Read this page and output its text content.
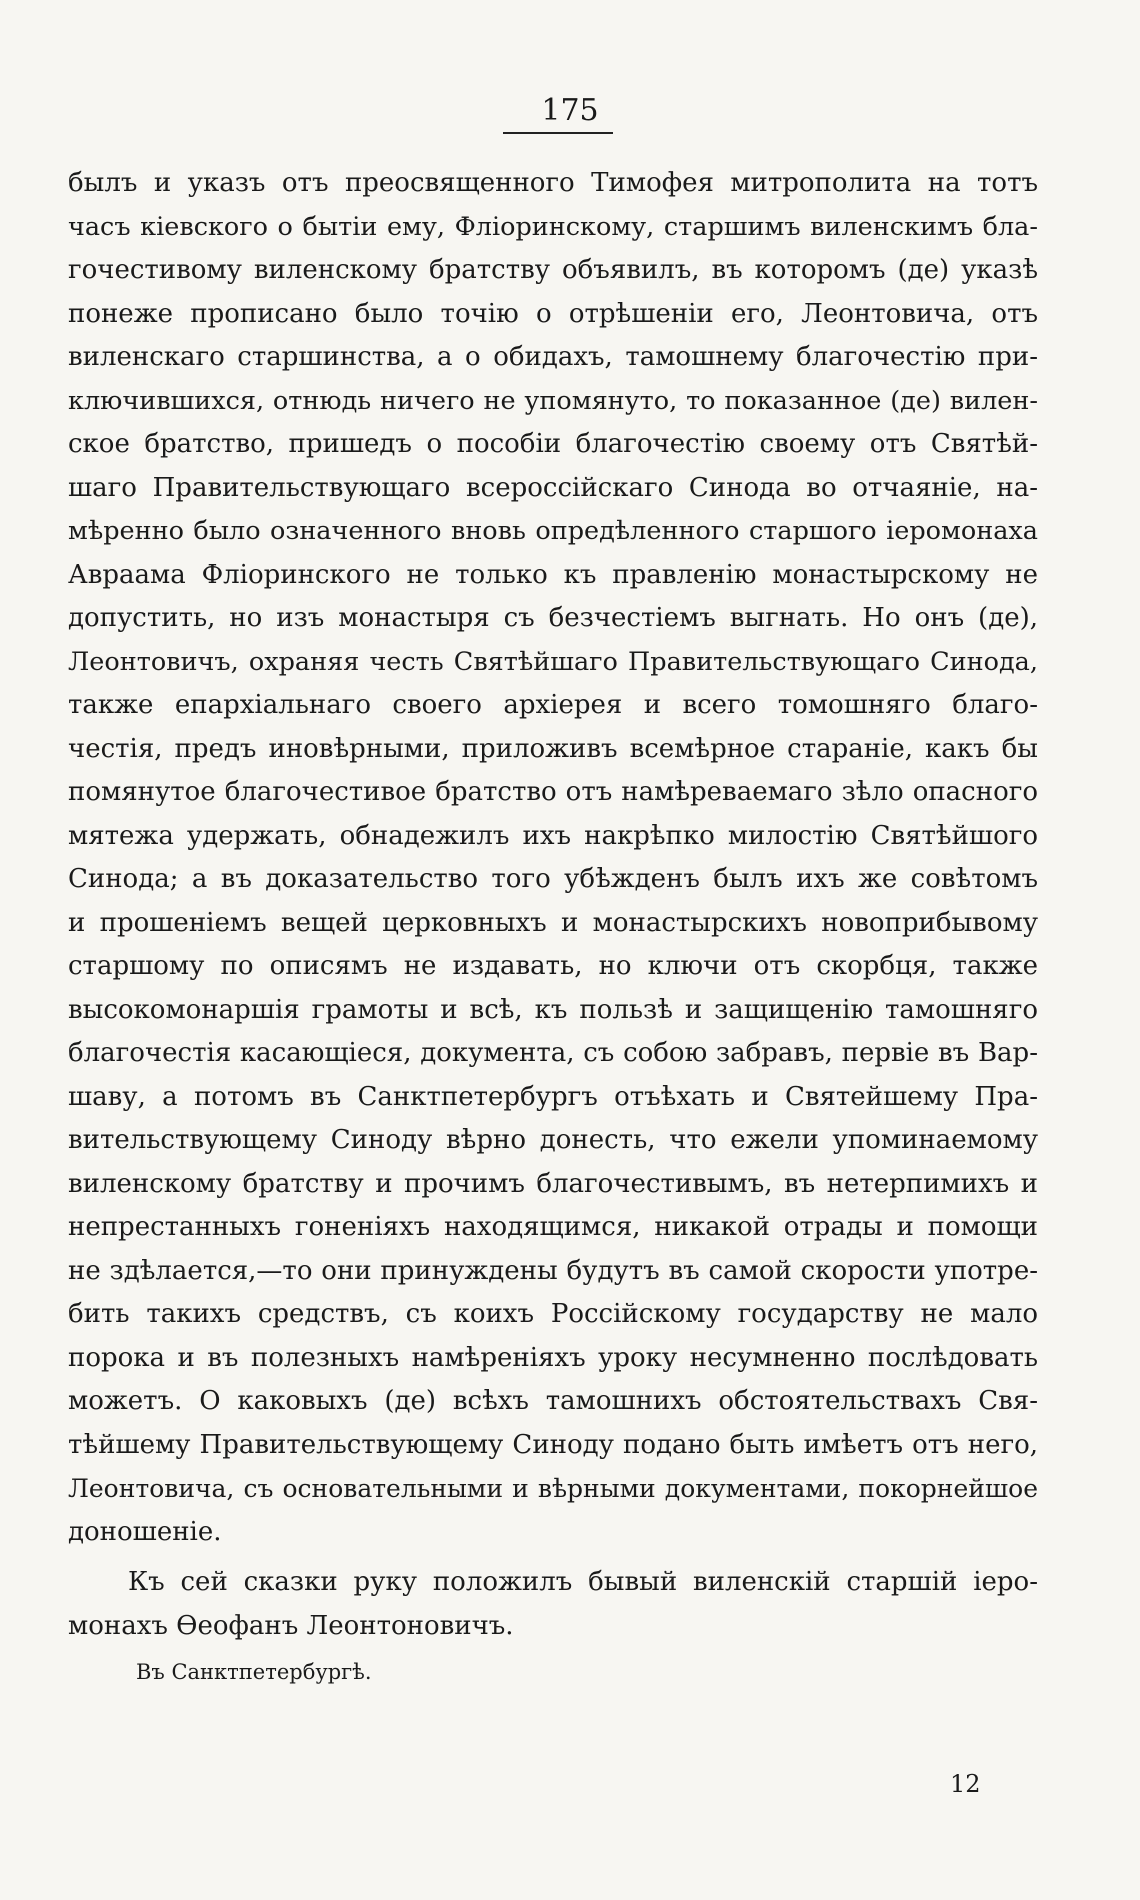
175
былъ и указъ отъ преосвященного Тимофея митрополита на тотъ
часъ кіевского о бытіи ему, Фліоринскому, старшимъ виленскимъ бла-
гочестивому виленскому братству объявилъ, въ которомъ (де) указѣ
понеже прописано было точію о отрѣшеніи его, Леонтовича, отъ
виленскаго старшинства, а о обидахъ, тамошнему благочестію при-
ключившихся, отнюдь ничего не упомянуто, то показанное (де) вилен-
ское братство, пришедъ о пособіи благочестію своему отъ Святѣй-
шаго Правительствующаго всероссійскаго Синода во отчаяніе, на-
мѣренно было означенного вновь опредѣленного старшого іеромонаха
Авраама Фліоринского не только къ правленію монастырскому не
допустить, но изъ монастыря съ безчестіемъ выгнать. Но онъ (де),
Леонтовичъ, охраняя честь Святѣйшаго Правительствующаго Синода,
также епархіальнаго своего архіерея и всего томошняго благо-
честія, предъ иновѣрными, приложивъ всемѣрное стараніе, какъ бы
помянутое благочестивое братство отъ намѣреваемаго зѣло опасного
мятежа удержать, обнадежилъ ихъ накрѣпко милостію Святѣйшого
Синода; а въ доказательство того убѣжденъ былъ ихъ же совѣтомъ
и прошеніемъ вещей церковныхъ и монастырскихъ новоприбывому
старшому по описямъ не издавать, но ключи отъ скорбця, также
высокомонаршія грамоты и всѣ, къ пользѣ и защищенію тамошняго
благочестія касающіеся, документа, съ собою забравъ, первіе въ Вар-
шаву, а потомъ въ Санктпетербургъ отъѣхать и Святейшему Пра-
вительствующему Синоду вѣрно донесть, что ежели упоминаемому
виленскому братству и прочимъ благочестивымъ, въ нетерпимихъ и
непрестанныхъ гоненіяхъ находящимся, никакой отрады и помощи
не здѣлается,—то они принуждены будутъ въ самой скорости употре-
бить такихъ средствъ, съ коихъ Россійскому государству не мало
порока и въ полезныхъ намѣреніяхъ уроку несумненно послѣдовать
можетъ. О каковыхъ (де) всѣхъ тамошнихъ обстоятельствахъ Свя-
тѣйшему Правительствующему Синоду подано быть имѣетъ отъ него,
Леонтовича, съ основательными и вѣрными документами, покорнейшое
доношеніе.
Къ сей сказки руку положилъ бывый виленскій старшій іеро-
монахъ Ѳеофанъ Леонтоновичъ.
Въ Санктпетербургѣ.
12
